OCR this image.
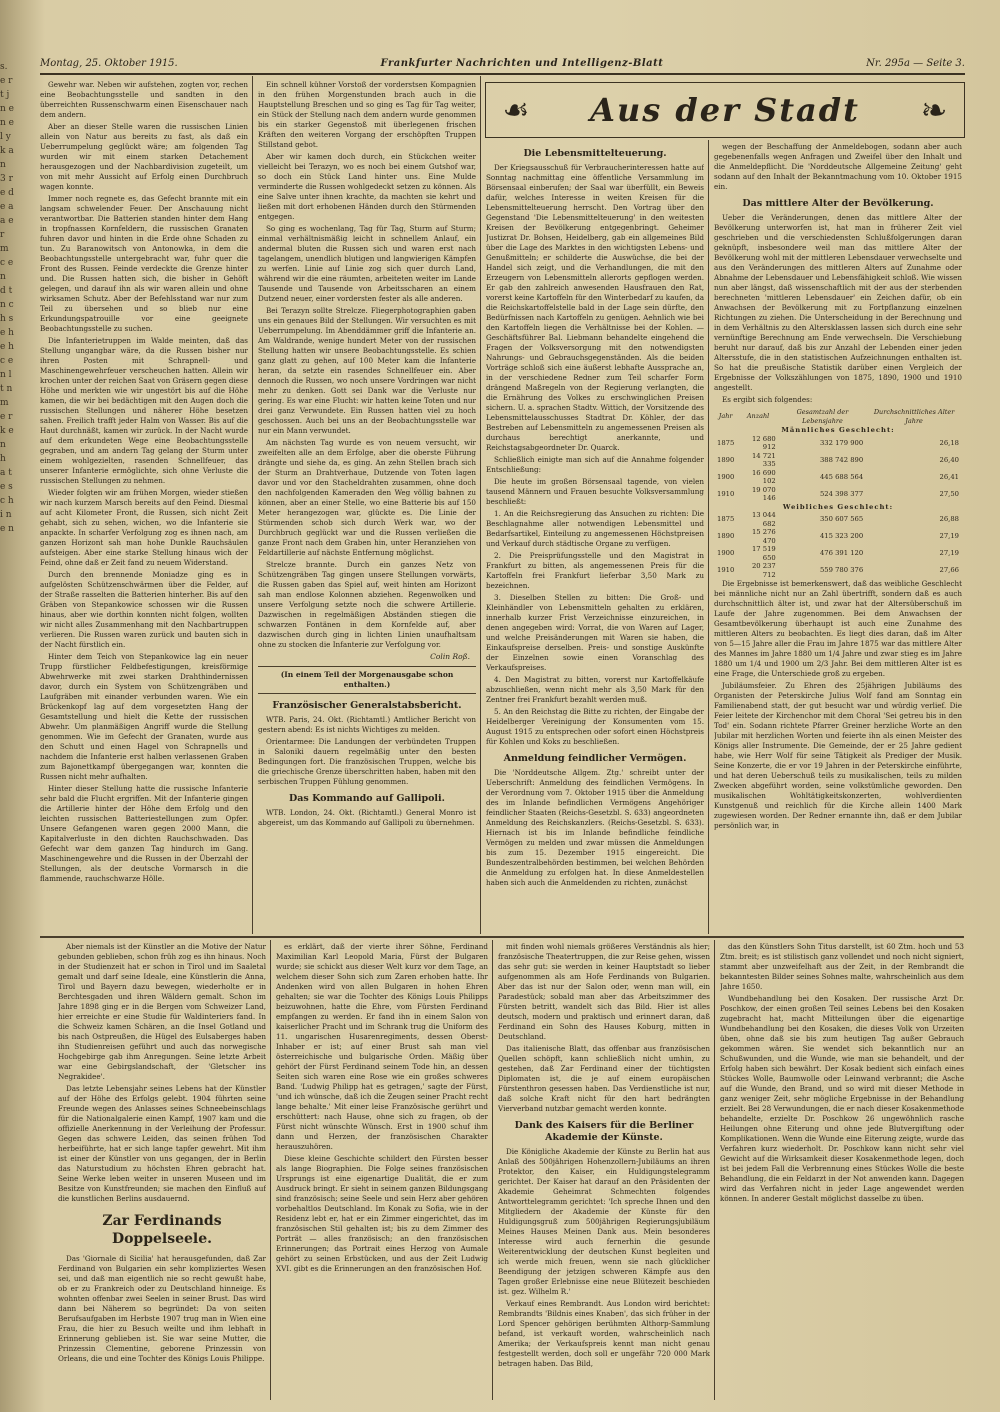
s. e r t j n e n e l y k a n 3 r e d e a a e r m c e n d t n c h s e h e h c e n l t n m e r k e n h a t e s c h i n e n
Montag, 25. Oktober 1915.	Frankfurter Nachrichten und Intelligenz-Blatt	Nr. 295a — Seite 3.

Gewehr war. Neben wir aufstehen, zogten vor, rechen eine Beobachtungsstelle und sandten in den überreichten Russenschwarm einen Eisenschauer nach dem andern.

Aber an dieser Stelle waren die russischen Linien allein von Natur aus bereits zu fast, als daß ein Ueberrumpelung geglückt wäre; am folgenden Tag wurden wir mit einem starken Detachement herausgezogen und der Nachbardivision zugeteilt, um von mit mehr Aussicht auf Erfolg einen Durchbruch wagen konnte.

Immer noch regnete es, das Gefecht brannte mit ein langsam schwelender Feuer. Der Anschauung nicht verantwortbar. Die Batterien standen hinter dem Hang in tropfnassen Kornfeldern, die russischen Granaten fuhren davor und hinten in die Erde ohne Schaden zu tun. Zu Baranowitsch von Antonowka, in dem die Beobachtungsstelle untergebracht war, fuhr quer die Front des Russen. Feinde verdeckte die Grenze hinter und. Die Russen hatten sich, die bisher in Gehöft gelegen, und darauf ihn als wir waren allein und ohne wirksamen Schutz. Aber der Befehlsstand war nur zum Teil zu übersehen und so blieb nur eine Erkundungspatrouille vor eine geeignete Beobachtungsstelle zu suchen.

Die Infanterietruppen im Walde meinten, daß das Stellung ungangbar wäre, da die Russen bisher nur ihren Posten mit Schrapnell- und Maschinengewehrfeuer verscheuchen hatten. Allein wir krochen unter der reichen Saat von Gräsern gegen diese Höhe und merkten wie wir ungestört bis auf die Höhe kamen, die wir bei bedächtigen mit den Augen doch die russischen Stellungen und näherer Höhe besetzen sahen. Freilich trafft jeder Halm von Wasser. Bis auf die Haut durchnäßt, kamen wir zurück. In der Nacht wurde auf dem erkundeten Wege eine Beobachtungsstelle gegraben, und am andern Tag gelang der Sturm unter einem wohlgezielten, rasenden Schnellfeuer, das unserer Infanterie ermöglichte, sich ohne Verluste die russischen Stellungen zu nehmen.

Wieder folgten wir am frühen Morgen, wieder stießen wir nach kurzem Marsch bereits auf den Feind. Diesmal auf acht Kilometer Front, die Russen, sich nicht Zeit gehabt, sich zu sehen, wichen, wo die Infanterie sie anpackte. In scharfer Verfolgung zog es ihnen nach, am ganzen Horizont sah man hohe Dunkle Rauchsäulen aufsteigen. Aber eine starke Stellung hinaus wich der Feind, ohne daß er Zeit fand zu neuem Widerstand.

Durch den brennende Moniadze ging es in aufgelösten Schützenschwärmen über die Felder, auf der Straße rasselten die Batterien hinterher. Bis auf den Gräben von Stepankowice schossen wir die Russen hinaus, aber wie dorthin konnten nicht folgen, wollten wir nicht alles Zusammenhang mit den Nachbartruppen verlieren. Die Russen waren zurück und bauten sich in der Nacht fürstlich ein.

Hinter dem Teich von Stepankowice lag ein neuer Trupp fürstlicher Feldbefestigungen, kreisförmige Abwehrwerke mit zwei starken Drahthindernissen davor, durch ein System von Schützengräben und Laufgräben mit einander verbunden waren. Wie ein Brückenkopf lag auf dem vorgesetzten Hang der Gesamtstellung und hielt die Kette der russischen Abwehr. Um planmäßigen Angriff wurde die Stellung genommen. Wie im Gefecht der Granaten, wurde aus den Schutt und einen Hagel von Schrapnells und nachdem die Infanterie erst halben verlassenen Graben zum Bajonettkampf übergegangen war, konnten die Russen nicht mehr aufhalten.

Hinter dieser Stellung hatte die russische Infanterie sehr bald die Flucht ergriffen. Mit der Infanterie gingen die Artillerie hinter der Höhe dem Erfolg und den leichten russischen Batteriestellungen zum Opfer. Unsere Gefangenen waren gegen 2000 Mann, die Kapitalverluste in den dichten Rauchschwaden. Das Gefecht war dem ganzen Tag hindurch im Gang. Maschinengewehre und die Russen in der Überzahl der Stellungen, als der deutsche Vormarsch in die flammende, rauchschwarze Hölle.

Ein schnell kühner Vorstoß der vorderstsen Kompagnien in den frühen Morgenstunden brach auch in die Hauptstellung Breschen und so ging es Tag für Tag weiter, ein Stück der Stellung nach dem andern wurde genommen bis ein starker Gegenstoß mit überlegenen frischen Kräften den weiteren Vorgang der erschöpften Truppen Stillstand gebot.

Aber wir kamen doch durch, ein Stückchen weiter vielleicht bei Terazyn, wo es noch bei einem Gutshof war, so doch ein Stück Land hinter uns. Eine Mulde verminderte die Russen wohlgedeckt setzen zu können. Als eine Salve unter ihnen krachte, da machten sie kehrt und ließen mit dort erhobenen Händen durch den Stürmenden entgegen.

So ging es wochenlang, Tag für Tag, Sturm auf Sturm; einmal verhältnismäßig leicht in schnellem Anlauf, ein andermal bluten die Russen sich und waren erst nach tagelangem, unendlich blutigen und langwierigen Kämpfen zu werfen. Linie auf Linie zog sich quer durch Land, während wir die eine räumten, arbeiteten weiter im Lande Tausende und Tausende von Arbeitsscharen an einem Dutzend neuer, einer vordersten fester als alle anderen.

Bei Terazyn sollte Strelcze. Fliegerphotographien gaben uns ein genaues Bild der Stellungen. Wir versuchten es mit Ueberrumpelung. Im Abenddämmer griff die Infanterie an. Am Waldrande, wenige hundert Meter von der russischen Stellung hatten wir unsere Beobachtungsstelle. Es schien ganz glatt zu gehen, auf 100 Meter kam die Infanterie heran, da setzte ein rasendes Schnellfeuer ein. Aber dennoch die Russen, wo noch unsere Vordringen war nicht mehr zu denken. Gott sei Dank war die Verluste nur gering. Es war eine Flucht: wir hatten keine Toten und nur drei ganz Verwundete. Ein Russen hatten viel zu hoch geschossen. Auch bei uns an der Beobachtungsstelle war nur ein Mann verwundet.

Am nächsten Tag wurde es von neuem versucht, wir zweifelten alle an dem Erfolge, aber die oberste Führung drängte und siehe da, es ging. An zehn Stellen brach sich der Sturm an Drahtverhaue, Dutzende von Toten lagen davor und vor den Stacheldrahten zusammen, ohne doch den nachfolgenden Kameraden den Weg völlig bahnen zu können, aber an einer Stelle, wo eine Batterie bis auf 150 Meter herangezogen war, glückte es. Die Linie der Stürmenden schob sich durch Werk war, wo der Durchbruch geglückt war und die Russen verließen die ganze Front nach dem Graben hin, unter Heranziehen von Feldartillerie auf nächste Entfernung möglichst.

Strelcze brannte. Durch ein ganzes Netz von Schützengräben Tag gingen unsere Stellungen vorwärts, die Russen gaben das Spiel auf, weit hinten am Horizont sah man endlose Kolonnen abziehen. Regenwolken und unsere Verfolgung setzte noch die schwere Artillerie. Dazwischen in regelmäßigen Abständen stiegen die schwarzen Fontänen in dem Kornfelde auf, aber dazwischen durch ging in lichten Linien unaufhaltsam ohne zu stocken die Infanterie zur Verfolgung vor.

Colin Roß.
(In einem Teil der Morgenausgabe schon enthalten.)
Französischer Generalstabsbericht.

WTB. Paris, 24. Okt. (Richtamtl.) Amtlicher Bericht von gestern abend: Es ist nichts Wichtiges zu melden.

Orientarmee: Die Landungen der verbündeten Truppen in Saloniki dauern regelmäßig unter den besten Bedingungen fort. Die französischen Truppen, welche bis die griechische Grenze überschritten haben, haben mit den serbischen Truppen Fühlung genommen.

Das Kommando auf Gallipoli.

WTB. London, 24. Okt. (Richtamtl.) General Monro ist abgereist, um das Kommando auf Gallipoli zu übernehmen.

☙	Aus der Stadt	☙
Die Lebensmittelteuerung.

Der Kriegsausschuß für Verbraucherinteressen hatte auf Sonntag nachmittag eine öffentliche Versammlung im Börsensaal einberufen; der Saal war überfüllt, ein Beweis dafür, welches Interesse in weiten Kreisen für die Lebensmittelteuerung herrscht. Den Vortrag über den Gegenstand 'Die Lebensmittelteuerung' in den weitesten Kreisen der Bevölkerung entgegenbringt. Geheimer Justizrat Dr. Bohsen, Heidelberg, gab ein allgemeines Bild über die Lage des Marktes in den wichtigsten Lebens- und Genußmitteln; er schilderte die Auswüchse, die bei der Handel sich zeigt, und die Verhandlungen, die mit den Erzeugern von Lebensmitteln allerorts gepflogen werden. Er gab den zahlreich anwesenden Hausfrauen den Rat, vorerst keine Kartoffeln für den Winterbedarf zu kaufen, da die Reichskartoffelstelle bald in der Lage sein dürfte, den Bedürfnissen nach Kartoffeln zu genügen. Aehnlich wie bei den Kartoffeln liegen die Verhältnisse bei der Kohlen. — Geschäftsführer Bal. Liebmann behandelte eingehend die Fragen der Volksversorgung mit den notwendigsten Nahrungs- und Gebrauchsgegenständen. Als die beiden Vorträge schloß sich eine äußerst lebhafte Aussprache an, in der verschiedene Redner zum Teil scharfer Form drängend Maßregeln von der Regierung verlangten, die die Ernährung des Volkes zu erschwinglichen Preisen sichern. U. a. sprachen Stadtv. Wittich, der Vorsitzende des Lebensmittelausschusses Stadtrat Dr. Köhler, der das Bestreben auf Lebensmitteln zu angemessenen Preisen als durchaus berechtigt anerkannte, und Reichstagsabgeordneter Dr. Quarck.

Schließlich einigte man sich auf die Annahme folgender Entschließung:

Die heute im großen Börsensaal tagende, von vielen tausend Männern und Frauen besuchte Volksversammlung beschließt:

1. An die Reichsregierung das Ansuchen zu richten: Die Beschlagnahme aller notwendigen Lebensmittel und Bedarfsartikel, Einteilung zu angemessenen Höchstpreisen und Verkauf durch städtische Organe zu verfügen.

2. Die Preisprüfungsstelle und den Magistrat in Frankfurt zu bitten, als angemessenen Preis für die Kartoffeln frei Frankfurt lieferbar 3,50 Mark zu bezeichnen.

3. Dieselben Stellen zu bitten: Die Groß- und Kleinhändler von Lebensmitteln gehalten zu erklären, innerhalb kurzer Frist Verzeichnisse einzureichen, in denen angegeben wird: Vorrat, die von Waren auf Lager, und welche Preisänderungen mit Waren sie haben, die Einkaufspreise derselben. Preis- und sonstige Auskünfte der Einzelnen sowie einen Voranschlag des Verkaufspreises.

4. Den Magistrat zu bitten, vorerst nur Kartoffelkäufe abzuschließen, wenn nicht mehr als 3,50 Mark für den Zentner frei Frankfurt bezahlt werden muß.

5. An den Reichstag die Bitte zu richten, der Eingabe der Heidelberger Vereinigung der Konsumenten vom 15. August 1915 zu entsprechen oder sofort einen Höchstpreis für Kohlen und Koks zu beschließen.

Anmeldung feindlicher Vermögen.

Die 'Norddeutsche Allgem. Ztg.' schreibt unter der Ueberschrift: Anmeldung des feindlichen Vermögens. In der Verordnung vom 7. Oktober 1915 über die Anmeldung des im Inlande befindlichen Vermögens Angehöriger feindlicher Staaten (Reichs-Gesetzbl. S. 633) angeordneten Anmeldung des Reichskanzlers. (Reichs-Gesetzbl. S. 633). Hiernach ist bis im Inlande befindliche feindliche Vermögen zu melden und zwar müssen die Anmeldungen bis zum 15. Dezember 1915 eingereicht. Die Bundeszentralbehörden bestimmen, bei welchen Behörden die Anmeldung zu erfolgen hat. In diese Anmeldestellen haben sich auch die Anmeldenden zu richten, zunächst

wegen der Beschaffung der Anmeldebogen, sodann aber auch gegebenenfalls wegen Anfragen und Zweifel über den Inhalt und die Anmeldepflicht. Die 'Norddeutsche Allgemeine Zeitung' geht sodann auf den Inhalt der Bekanntmachung vom 10. Oktober 1915 ein.

Das mittlere Alter der Bevölkerung.

Ueber die Veränderungen, denen das mittlere Alter der Bevölkerung unterworfen ist, hat man in früherer Zeit viel geschrieben und die verschiedensten Schlußfolgerungen daran geknüpft, insbesondere weil man das mittlere Alter der Bevölkerung wohl mit der mittleren Lebensdauer verwechselte und aus den Veränderungen des mittleren Alters auf Zunahme oder Abnahme der Lebensdauer und Lebensfähigkeit schloß. Wie wissen nun aber längst, daß wissenschaftlich mit der aus der sterbenden berechneten 'mittleren Lebensdauer' ein Zeichen dafür, ob ein Anwachsen der Bevölkerung mit zu Fortpflanzung einzelnen Richtungen zu ziehen. Die Unterscheidung in der Berechnung und in dem Verhältnis zu den Altersklassen lassen sich durch eine sehr vernünftige Berechnung am Ende verwechseln. Die Verschiebung beruht nur darauf, daß bis zur Anzahl der Lebenden einer jeden Altersstufe, die in den statistischen Aufzeichnungen enthalten ist. So hat die preußische Statistik darüber einen Vergleich der Ergebnisse der Volkszählungen von 1875, 1890, 1900 und 1910 angestellt.

Es ergibt sich folgendes:

Jahr	Anzahl	Gesamtzahl der Lebensjahre	Durchschnittliches Alter Jahre
Männliches Geschlecht:			
1875	12 680 912	332 179 900	26,18
1890	14 721 335	388 742 890	26,40
1900	16 690 102	445 688 564	26,41
1910	19 070 146	524 398 377	27,50
Weibliches Geschlecht:			
1875	13 044 682	350 607 565	26,88
1890	15 276 470	415 323 200	27,19
1900	17 519 650	476 391 120	27,19
1910	20 237 712	559 780 376	27,66

Die Ergebnisse ist bemerkenswert, daß das weibliche Geschlecht bei männliche nicht nur an Zahl übertrifft, sondern daß es auch durchschnittlich älter ist, und zwar hat der Altersüberschuß im Laufe der Jahre zugenommen. Bei dem Anwachsen der Gesamtbevölkerung überhaupt ist auch eine Zunahme des mittleren Alters zu beobachten. Es liegt dies daran, daß im Alter von 5—15 Jahre aller die Frau im Jahre 1875 war das mittlere Alter des Mannes im Jahre 1880 um 1/4 Jahre und zwar stieg es im Jahre 1880 um 1/4 und 1900 um 2/3 Jahr. Bei dem mittleren Alter ist es eine Frage, die Unterschiede groß zu ergeben.

Jubiläumsfeier. Zu Ehren des 25jährigen Jubiläums des Organisten der Peterskirche Julius Wolf fand am Sonntag ein Familienabend statt, der gut besucht war und würdig verlief. Die Feier leitete der Kirchenchor mit dem Choral 'Sei getreu bis in den Tod' ein. Sodann richtete Pfarrer Greiner herzliche Worte an den Jubilar mit herzlichen Worten und feierte ihn als einen Meister des Königs aller Instrumente. Die Gemeinde, der er 25 Jahre gedient habe, wie Herr Wolf für seine Tätigkeit als Prediger der Musik. Seine Konzerte, die er vor 19 Jahren in der Peterskirche einführte, und hat deren Ueberschuß teils zu musikalischen, teils zu milden Zwecken abgeführt worden, seine volkstümliche geworden. Den musikalischen Wohltätigkeitskonzerten, wohlverdienten Kunstgenuß und reichlich für die Kirche allein 1400 Mark zugewiesen worden. Der Redner ernannte ihn, daß er dem Jubilar persönlich war, in

Aber niemals ist der Künstler an die Motive der Natur gebunden geblieben, schon früh zog es ihn hinaus. Noch in der Studienzeit hat er schon in Tirol und im Saaletal gemalt und darf seine Ideale, eine Künstlerin die Anna, Tirol und Bayern dazu bewegen, wiederholte er in Berchtesgaden und ihren Wäldern gemalt. Schon im Jahre 1898 ging er in die Bergen vom Schweizer Land, hier erreichte er eine Studie für Waldinteriers fand. In die Schweiz kamen Schären, an die Insel Gotland und bis nach Ostpreußen, die Hügel des Eulsaberges haben ihn Studienreisen geführt und auch das norwegische Hochgebirge gab ihm Anregungen. Seine letzte Arbeit war eine Gebirgslandschaft, der 'Gletscher ins Negrakidee'.

Das letzte Lebensjahr seines Lebens hat der Künstler auf der Höhe des Erfolgs gelebt. 1904 führten seine Freunde wegen des Anlasses seines Schneebeinschlags für die Nationalgalerie einen Kampf, 1907 kam und die offizielle Anerkennung in der Verleihung der Professur. Gegen das schwere Leiden, das seinen frühen Tod herbeiführte, hat er sich lange tapfer gewehrt. Mit ihm ist einer der Künstler von uns gegangen, der in Berlin das Naturstudium zu höchsten Ehren gebracht hat. Seine Werke leben weiter in unseren Museen und im Besitze von Kunstfreunden; sie machen den Einfluß auf die kunstlichen Berlins ausdauernd.

Zar Ferdinands Doppelseele.

Das 'Giornale di Sicilia' hat herausgefunden, daß Zar Ferdinand von Bulgarien ein sehr kompliziertes Wesen sei, und daß man eigentlich nie so recht gewußt habe, ob er zu Frankreich oder zu Deutschland hinneige. Es wohnten offenbar zwei Seelen in seiner Brust. Das wird dann bei Näherem so begründet: Da von seiten Berufsaufgaben im Herbste 1907 trug man in Wien eine Frau, die hier zu Besuch weilte und ihm lebhaft in Erinnerung geblieben ist. Sie war seine Mutter, die Prinzessin Clementine, geborene Prinzessin von Orleans, die und eine Tochter des Königs Louis Philippe.

es erklärt, daß der vierte ihrer Söhne, Ferdinand Maximilian Karl Leopold Maria, Fürst der Bulgaren wurde; sie schickt aus dieser Welt kurz vor dem Tage, an welchem dieser Sohn sich zum Zaren erhoben hatte. Ihr Andenken wird von allen Bulgaren in hohen Ehren gehalten; sie war die Tochter des Königs Louis Philipps beizuwohnen, hatte die Ehre, vom Fürsten Ferdinand empfangen zu werden. Er fand ihn in einem Salon von kaiserlicher Pracht und im Schrank trug die Uniform des 11. ungarischen Husarenregiments, dessen Oberst-Inhaber er ist; auf einer Brust sah man viel österreichische und bulgarische Orden. Mäßig über gehört der Fürst Ferdinand seinem Tode hin, an dessen Seiten sich waren eine Rose wie ein großes schweres Band. 'Ludwig Philipp hat es getragen,' sagte der Fürst, 'und ich wünsche, daß ich die Zeugen seiner Pracht recht lange behalte.' Mit einer leise Französische gerührt und erschüttert: nach Hause, ohne sich zu fragen, ob der Fürst nicht wünschte Wünsch. Erst in 1900 schuf ihm dann und Herzen, der französischen Charakter herauszuhören.

Diese kleine Geschichte schildert den Fürsten besser als lange Biographien. Die Folge seines französischen Ursprungs ist eine eigenartige Dualität, die er zum Ausdruck bringt. Er sieht in seinem ganzen Bildungsgang sind französisch; seine Seele und sein Herz aber gehören vorbehaltlos Deutschland. Im Konak zu Sofia, wie in der Residenz lebt er, hat er ein Zimmer eingerichtet, das im französischen Stil gehalten ist; bis zu dem Zimmer des Porträt — alles französisch; an den französischen Erinnerungen; das Portrait eines Herzog von Aumale gehört zu seinen Erbstücken, und aus der Zeit Ludwig XVI. gibt es die Erinnerungen an den französischen Hof.

mit finden wohl niemals größeres Verständnis als hier; französische Theatertruppen, die zur Reise gehen, wissen das sehr gut: sie werden in keiner Hauptstadt so lieber aufgenommen als am Hofe Ferdinands von Bulgarien. Aber das ist nur der Salon oder, wenn man will, ein Paradestück; sobald man aber das Arbeitszimmer des Fürsten betritt, wandelt sich das Bild. Hier ist alles deutsch, modern und praktisch und erinnert daran, daß Ferdinand ein Sohn des Hauses Koburg, mitten in Deutschland.

Das italienische Blatt, das offenbar aus französischen Quellen schöpft, kann schließlich nicht umhin, zu gestehen, daß Zar Ferdinand einer der tüchtigsten Diplomaten ist, die je auf einem europäischen Fürstenthron gesessen haben. Das Verdienstliche ist nur, daß solche Kraft nicht für den hart bedrängten Vierverband nutzbar gemacht werden konnte.

Dank des Kaisers für die Berliner Akademie der Künste.

Die Königliche Akademie der Künste zu Berlin hat aus Anlaß des 500jährigen Hohenzollern-Jubiläums an ihren Protektor, den Kaiser, ein Huldigungstelegramm gerichtet. Der Kaiser hat darauf an den Präsidenten der Akademie Geheimrat Schmechten folgendes Antworttelegramm gerichtet: 'Ich spreche Ihnen und den Mitgliedern der Akademie der Künste für den Huldigungsgruß zum 500jährigen Regierungsjubiläum Meines Hauses Meinen Dank aus. Mein besonderes Interesse wird auch fernerhin die gesunde Weiterentwicklung der deutschen Kunst begleiten und ich werde mich freuen, wenn sie nach glücklicher Beendigung der jetzigen schweren Kämpfe aus den Tagen großer Erlebnisse eine neue Blütezeit beschieden ist. gez. Wilhelm R.'

Verkauf eines Rembrandt. Aus London wird berichtet: Rembrandts 'Bildnis eines Knaben', das sich früher in der Lord Spencer gehörigen berühmten Althorp-Sammlung befand, ist verkauft worden, wahrscheinlich nach Amerika; der Verkaufspreis kennt man nicht genau festgestellt werden, doch soll er ungefähr 720 000 Mark betragen haben. Das Bild,

das den Künstlers Sohn Titus darstellt, ist 60 Ztm. hoch und 53 Ztm. breit; es ist stilistisch ganz vollendet und noch nicht signiert, stammt aber unzweifelhaft aus der Zeit, in der Rembrandt die bekanntesten Bilder seines Sohnes malte, wahrscheinlich aus dem Jahre 1650.

Wundbehandlung bei den Kosaken. Der russische Arzt Dr. Poschkow, der einen großen Teil seines Lebens bei den Kosaken zugebracht hat, macht Mitteilungen über die eigenartige Wundbehandlung bei den Kosaken, die dieses Volk von Urzeiten üben, ohne daß sie bis zum heutigen Tag außer Gebrauch gekommen wären. Sie wendet sich bekanntlich nur an Schußwunden, und die Wunde, wie man sie behandelt, und der Erfolg haben sich bewährt. Der Kosak bedient sich einfach eines Stückes Wolle, Baumwolle oder Leinwand verbrannt; die Asche auf die Wunde, den Brand, und so wird mit dieser Methode in ganz weniger Zeit, sehr mögliche Ergebnisse in der Behandlung erzielt. Bei 28 Verwundungen, die er nach dieser Kosakenmethode behandelte, erzielte Dr. Poschkow 26 ungewöhnlich rasche Heilungen ohne Eiterung und ohne jede Blutvergiftung oder Komplikationen. Wenn die Wunde eine Eiterung zeigte, wurde das Verfahren kurz wiederholt. Dr. Poschkow kann nicht sehr viel Gewicht auf die Wirksamkeit dieser Kosakenmethode legen, doch ist bei jedem Fall die Verbrennung eines Stückes Wolle die beste Behandlung, die ein Feldarzt in der Not anwenden kann. Dagegen wird das Verfahren nicht in jeder Lage angewendet werden können. In anderer Gestalt möglichst dasselbe zu üben.
